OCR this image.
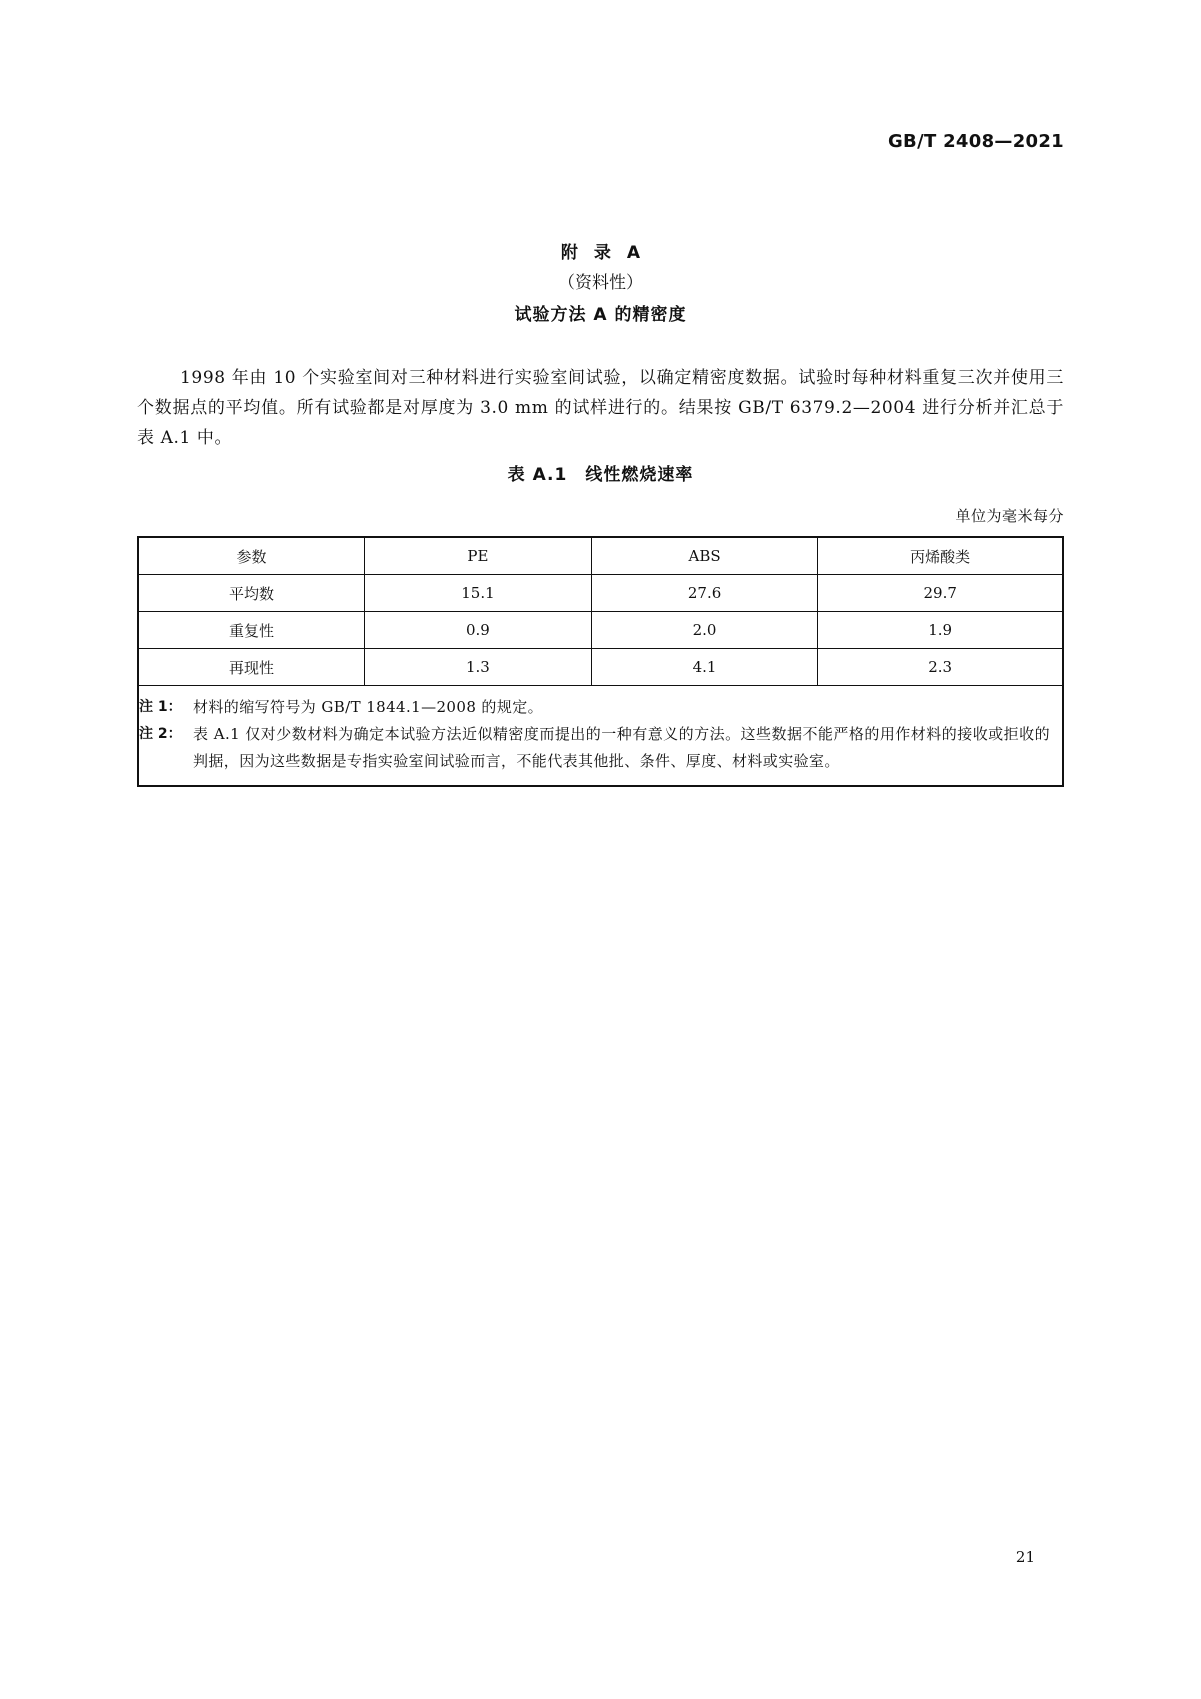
GB/T 2408—2021
附录A
（资料性）
试验方法 A 的精密度

1998 年由 10 个实验室间对三种材料进行实验室间试验，以确定精密度数据。试验时每种材料重复三次并使用三个数据点的平均值。所有试验都是对厚度为 3.0 mm 的试样进行的。结果按 GB/T 6379.2—2004 进行分析并汇总于表 A.1 中。

表 A.1　线性燃烧速率
单位为毫米每分
参数	PE	ABS	丙烯酸类
平均数	15.1	27.6	29.7
重复性	0.9	2.0	1.9
再现性	1.3	4.1	2.3

注 1： 材料的缩写符号为 GB/T 1844.1—2008 的规定。

注 2： 表 A.1 仅对少数材料为确定本试验方法近似精密度而提出的一种有意义的方法。这些数据不能严格的用作材料的接收或拒收的判据，因为这些数据是专指实验室间试验而言，不能代表其他批、条件、厚度、材料或实验室。			

21
